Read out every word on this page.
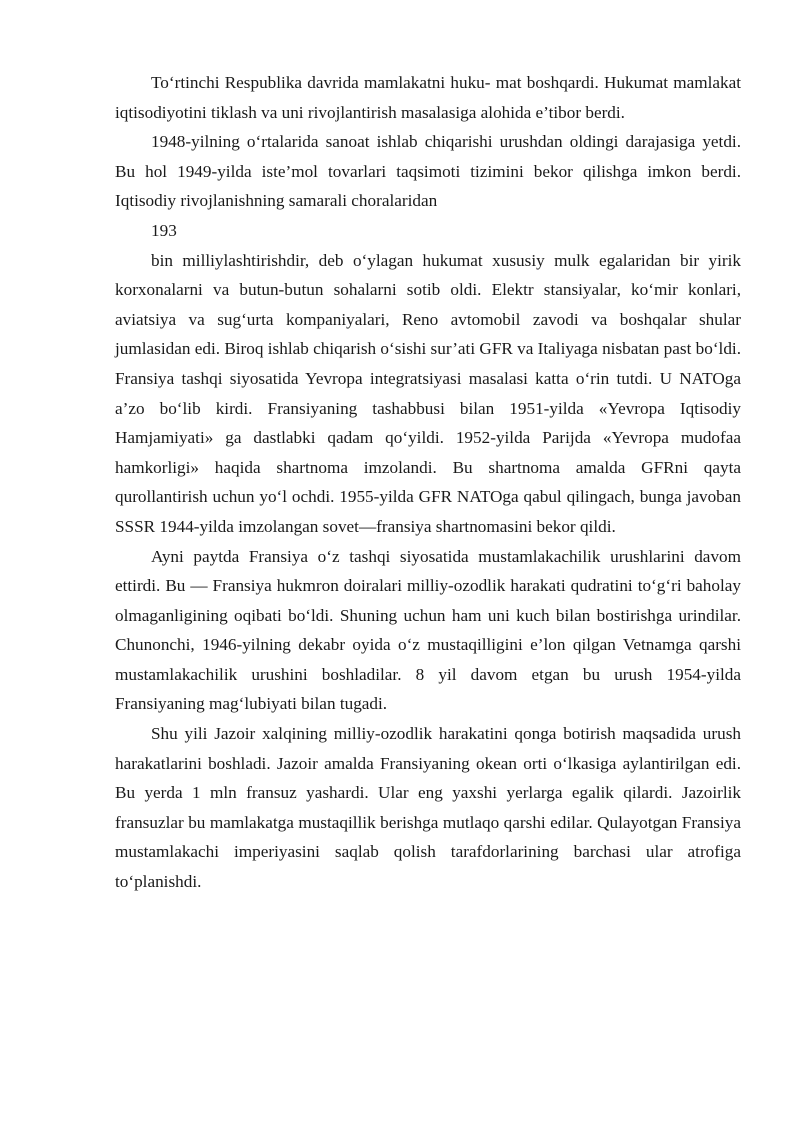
To‘rtinchi Respublika davrida mamlakatni huku- mat boshqardi. Hukumat mamlakat iqtisodiyotini tiklash va uni rivojlantirish masalasiga alohida e’tibor berdi.

1948-yilning o‘rtalarida sanoat ishlab chiqarishi urushdan oldingi darajasiga yetdi. Bu hol 1949-yilda iste’mol tovarlari taqsimoti tizimini bekor qilishga imkon berdi. Iqtisodiy rivojlanishning samarali choralaridan

193

bin milliylashtirishdir, deb o‘ylagan hukumat xususiy mulk egalaridan bir yirik korxonalarni va butun-butun sohalarni sotib oldi. Elektr stansiyalar, ko‘mir konlari, aviatsiya va sug‘urta kompaniyalari, Reno avtomobil zavodi va boshqalar shular jumlasidan edi. Biroq ishlab chiqarish o‘sishi sur’ati GFR va Italiyaga nisbatan past bo‘ldi. Fransiya tashqi siyosatida Yevropa integratsiyasi masalasi katta o‘rin tutdi. U NATOga a’zo bo‘lib kirdi. Fransiyaning tashabbusi bilan 1951-yilda «Yevropa Iqtisodiy Hamjamiyati» ga dastlabki qadam qo‘yildi. 1952-yilda Parijda «Yevropa mudofaa hamkorligi» haqida shartnoma imzolandi. Bu shartnoma amalda GFRni qayta qurollantirish uchun yo‘l ochdi. 1955-yilda GFR NATOga qabul qilingach, bunga javoban SSSR 1944-yilda imzolangan sovet—fransiya shartnomasini bekor qildi.

Ayni paytda Fransiya o‘z tashqi siyosatida mustamlakachilik urushlarini davom ettirdi. Bu — Fransiya hukmron doiralari milliy-ozodlik harakati qudratini to‘g‘ri baholay olmaganligining oqibati bo‘ldi. Shuning uchun ham uni kuch bilan bostirishga urindilar. Chunonchi, 1946-yilning dekabr oyida o‘z mustaqilligini e’lon qilgan Vetnamga qarshi mustamlakachilik urushini boshladilar. 8 yil davom etgan bu urush 1954-yilda Fransiyaning mag‘lubiyati bilan tugadi.

Shu yili Jazoir xalqining milliy-ozodlik harakatini qonga botirish maqsadida urush harakatlarini boshladi. Jazoir amalda Fransiyaning okean orti o‘lkasiga aylantirilgan edi. Bu yerda 1 mln fransuz yashardi. Ular eng yaxshi yerlarga egalik qilardi. Jazoirlik fransuzlar bu mamlakatga mustaqillik berishga mutlaqo qarshi edilar. Qulayotgan Fransiya mustamlakachi imperiyasini saqlab qolish tarafdorlarining barchasi ular atrofiga to‘planishdi.
